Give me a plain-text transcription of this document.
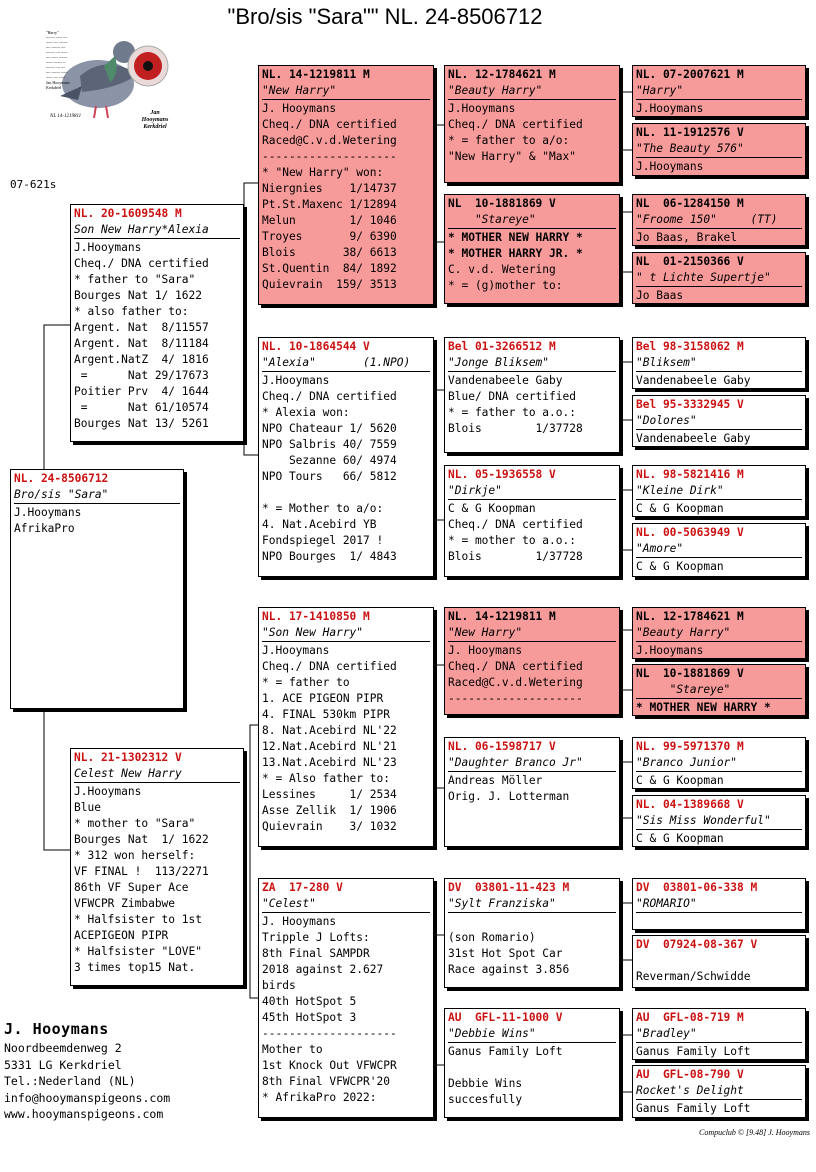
"Bro/sis "Sara"" NL. 24-8506712
"Harry"
~~~~ ~~~ ~~
~~~ ~~ ~~~~
~~ ~~~~ ~~
~~~~ ~~ ~~~
~~ ~~~ ~~~~
~~~ ~~~~ ~
~~~~ ~~ ~~
~~ ~~~~ ~~~
~~~ ~~ ~~~
Jan Hooymans
Kerkdriel
NL 14-1219811
Jan Hooymans
Kerkdriel
07-621s
NL. 24-8506712
Bro/sis "Sara"
J.Hooymans
AfrikaPro
NL. 20-1609548 M
Son New Harry*Alexia
J.Hooymans
Cheq./ DNA certified
* father to "Sara"
Bourges Nat 1/ 1622
* also father to:
Argent. Nat  8/11557
Argent. Nat  8/11184
Argent.NatZ  4/ 1816
=      Nat 29/17673
Poitier Prv  4/ 1644
=      Nat 61/10574
Bourges Nat 13/ 5261
NL. 21-1302312 V
Celest New Harry
J.Hooymans
Blue
* mother to "Sara"
Bourges Nat  1/ 1622
* 312 won herself:
VF FINAL !  113/2271
86th VF Super Ace
VFWCPR Zimbabwe
* Halfsister to 1st
ACEPIGEON PIPR
* Halfsister "LOVE"
3 times top15 Nat.
NL. 14-1219811 M
"New Harry"
J. Hooymans
Cheq./ DNA certified
Raced@C.v.d.Wetering
--------------------
* "New Harry" won:
Niergnies    1/14737
Pt.St.Maxenc 1/12894
Melun        1/ 1046
Troyes       9/ 6390
Blois       38/ 6613
St.Quentin  84/ 1892
Quievrain  159/ 3513
NL. 10-1864544 V
"Alexia"       (1.NPO)
J.Hooymans
Cheq./ DNA certified
* Alexia won:
NPO Chateaur 1/ 5620
NPO Salbris 40/ 7559
Sezanne 60/ 4974
NPO Tours   66/ 5812

* = Mother to a/o:
4. Nat.Acebird YB
Fondspiegel 2017 !
NPO Bourges  1/ 4843
NL. 17-1410850 M
"Son New Harry"
J.Hooymans
Cheq./ DNA certified
* = father to
1. ACE PIGEON PIPR
4. FINAL 530km PIPR
8. Nat.Acebird NL'22
12.Nat.Acebird NL'21
13.Nat.Acebird NL'23
* = Also father to:
Lessines     1/ 2534
Asse Zellik  1/ 1906
Quievrain    3/ 1032
ZA  17-280 V
"Celest"
J. Hooymans
Tripple J Lofts:
8th Final SAMPDR
2018 against 2.627
birds
40th HotSpot 5
45th HotSpot 3
--------------------
Mother to
1st Knock Out VFWCPR
8th Final VFWCPR'20
* AfrikaPro 2022:
NL. 12-1784621 M
"Beauty Harry"
J.Hooymans
Cheq./ DNA certified
* = father to a/o:
"New Harry" & "Max"
NL  10-1881869 V
"Stareye"
* MOTHER NEW HARRY *
* MOTHER HARRY JR. *
C. v.d. Wetering
* = (g)mother to:
Bel 01-3266512 M
"Jonge Bliksem"
Vandenabeele Gaby
Blue/ DNA certified
* = father to a.o.:
Blois        1/37728
NL. 05-1936558 V
"Dirkje"
C & G Koopman
Cheq./ DNA certified
* = mother to a.o.:
Blois        1/37728
NL. 14-1219811 M
"New Harry"
J. Hooymans
Cheq./ DNA certified
Raced@C.v.d.Wetering
--------------------
NL. 06-1598717 V
"Daughter Branco Jr"
Andreas Möller
Orig. J. Lotterman
DV  03801-11-423 M
"Sylt Franziska"

(son Romario)
31st Hot Spot Car
Race against 3.856
AU  GFL-11-1000 V
"Debbie Wins"
Ganus Family Loft

Debbie Wins
succesfully
NL. 07-2007621 M
"Harry"
J.Hooymans
NL. 11-1912576 V
"The Beauty 576"
J.Hooymans
NL  06-1284150 M
"Froome 150"     (TT)
Jo Baas, Brakel
NL  01-2150366 V
" t Lichte Supertje"
Jo Baas
Bel 98-3158062 M
"Bliksem"
Vandenabeele Gaby
Bel 95-3332945 V
"Dolores"
Vandenabeele Gaby
NL. 98-5821416 M
"Kleine Dirk"
C & G Koopman
NL. 00-5063949 V
"Amore"
C & G Koopman
NL. 12-1784621 M
"Beauty Harry"
J.Hooymans
NL  10-1881869 V
"Stareye"
* MOTHER NEW HARRY *
NL. 99-5971370 M
"Branco Junior"
C & G Koopman
NL. 04-1389668 V
"Sis Miss Wonderful"
C & G Koopman
DV  03801-06-338 M
"ROMARIO"
DV  07924-08-367 V

Reverman/Schwidde
AU  GFL-08-719 M
"Bradley"
Ganus Family Loft
AU  GFL-08-790 V
Rocket's Delight
Ganus Family Loft
J. Hooymans
Noordbeemdenweg 2
5331 LG Kerkdriel
Tel.:Nederland (NL)
info@hooymanspigeons.com
www.hooymanspigeons.com
Compuclub © [9.48] J. Hooymans
